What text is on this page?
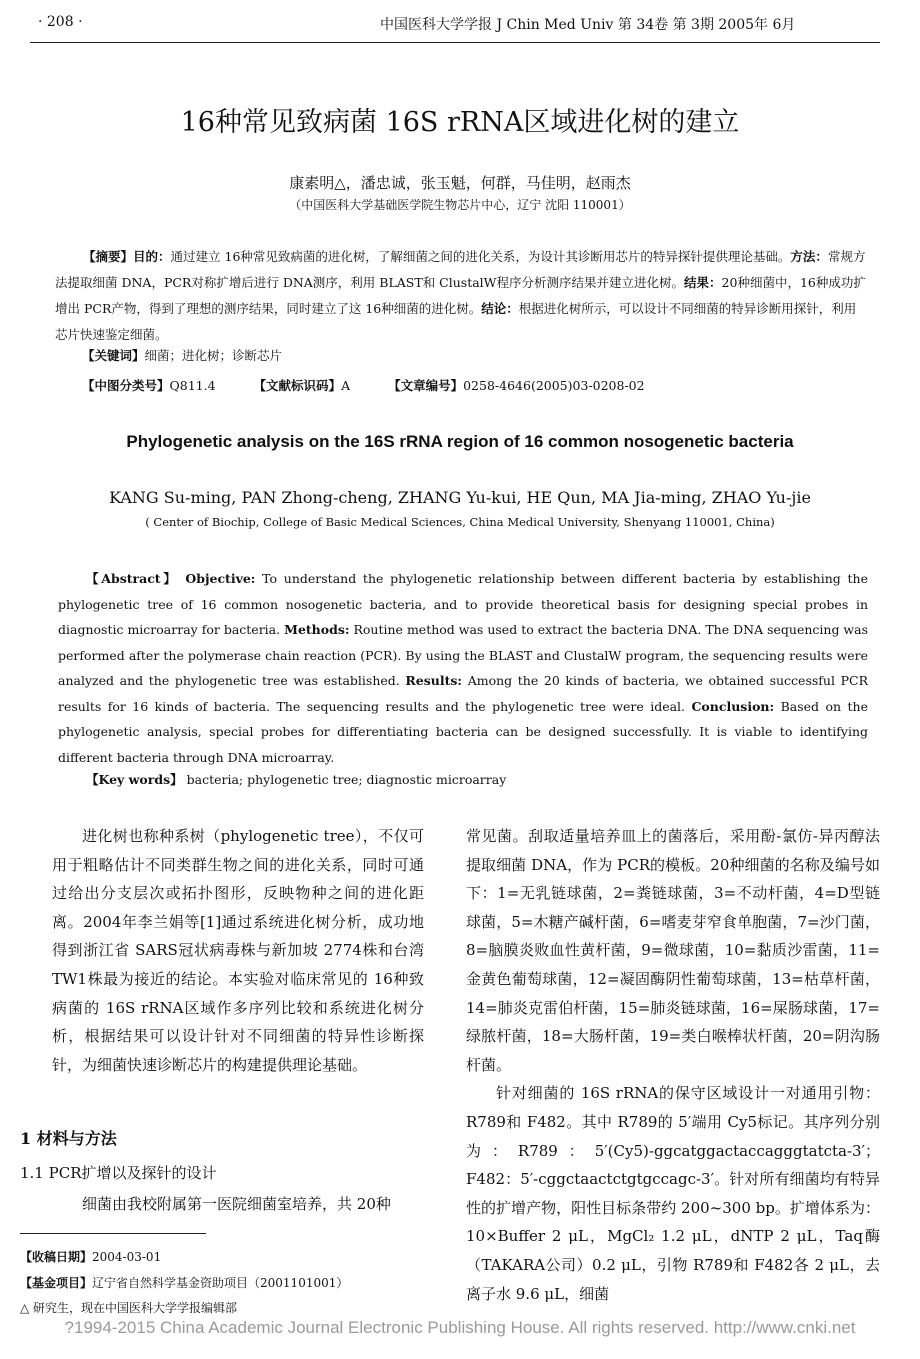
· 208 ·	中国医科大学学报 J Chin Med Univ 第 34卷 第 3期 2005年 6月
16种常见致病菌 16S rRNA区域进化树的建立
康素明△，潘忠诚，张玉魁，何群，马佳明，赵雨杰
（中国医科大学基础医学院生物芯片中心，辽宁 沈阳 110001）
【摘要】目的：通过建立 16种常见致病菌的进化树，了解细菌之间的进化关系，为设计其诊断用芯片的特异探针提供理论基础。方法：常规方法提取细菌 DNA，PCR对称扩增后进行 DNA测序，利用 BLAST和 ClustalW程序分析测序结果并建立进化树。结果：20种细菌中，16种成功扩增出 PCR产物，得到了理想的测序结果，同时建立了这 16种细菌的进化树。结论：根据进化树所示，可以设计不同细菌的特异诊断用探针，利用芯片快速鉴定细菌。
【关键词】细菌；进化树；诊断芯片
【中图分类号】Q811.4	【文献标识码】A	【文章编号】0258-4646(2005)03-0208-02
Phylogenetic analysis on the 16S rRNA region of 16 common nosogenetic bacteria
KANG Su-ming, PAN Zhong-cheng, ZHANG Yu-kui, HE Qun, MA Jia-ming, ZHAO Yu-jie
( Center of Biochip, College of Basic Medical Sciences, China Medical University, Shenyang 110001, China)
【Abstract】 Objective: To understand the phylogenetic relationship between different bacteria by establishing the phylogenetic tree of 16 common nosogenetic bacteria, and to provide theoretical basis for designing special probes in diagnostic microarray for bacteria. Methods: Routine method was used to extract the bacteria DNA. The DNA sequencing was performed after the polymerase chain reaction (PCR). By using the BLAST and ClustalW program, the sequencing results were analyzed and the phylogenetic tree was established. Results: Among the 20 kinds of bacteria, we obtained successful PCR results for 16 kinds of bacteria. The sequencing results and the phylogenetic tree were ideal. Conclusion: Based on the phylogenetic analysis, special probes for differentiating bacteria can be designed successfully. It is viable to identifying different bacteria through DNA microarray.
【Key words】 bacteria; phylogenetic tree; diagnostic microarray

进化树也称种系树（phylogenetic tree），不仅可用于粗略估计不同类群生物之间的进化关系，同时可通过给出分支层次或拓扑图形，反映物种之间的进化距离。2004年李兰娟等[1]通过系统进化树分析，成功地得到浙江省 SARS冠状病毒株与新加坡 2774株和台湾 TW1株最为接近的结论。本实验对临床常见的 16种致病菌的 16S rRNA区域作多序列比较和系统进化树分析，根据结果可以设计针对不同细菌的特异性诊断探针，为细菌快速诊断芯片的构建提供理论基础。

1 材料与方法
1.1 PCR扩增以及探针的设计
细菌由我校附属第一医院细菌室培养，共 20种

常见菌。刮取适量培养皿上的菌落后，采用酚-氯仿-异丙醇法提取细菌 DNA，作为 PCR的模板。20种细菌的名称及编号如下：1=无乳链球菌，2=粪链球菌，3=不动杆菌，4=D型链球菌，5=木糖产碱杆菌，6=嗜麦芽窄食单胞菌，7=沙门菌，8=脑膜炎败血性黄杆菌，9=微球菌，10=黏质沙雷菌，11=金黄色葡萄球菌，12=凝固酶阴性葡萄球菌，13=枯草杆菌，14=肺炎克雷伯杆菌，15=肺炎链球菌，16=屎肠球菌，17=绿脓杆菌，18=大肠杆菌，19=类白喉棒状杆菌，20=阴沟肠杆菌。

针对细菌的 16S rRNA的保守区域设计一对通用引物：R789和 F482。其中 R789的 5′端用 Cy5标记。其序列分别为：R789：5′(Cy5)-ggcatggactaccagggtatcta-3′；F482：5′-cggctaactctgtgccagc-3′。针对所有细菌均有特异性的扩增产物，阳性目标条带约 200~300 bp。扩增体系为：10×Buffer 2 μL，MgCl₂ 1.2 μL，dNTP 2 μL，Taq酶（TAKARA公司）0.2 μL，引物 R789和 F482各 2 μL，去离子水 9.6 μL，细菌

【收稿日期】2004-03-01
【基金项目】辽宁省自然科学基金资助项目（2001101001）
△ 研究生，现在中国医科大学学报编辑部
?1994-2015 China Academic Journal Electronic Publishing House. All rights reserved. http://www.cnki.net
